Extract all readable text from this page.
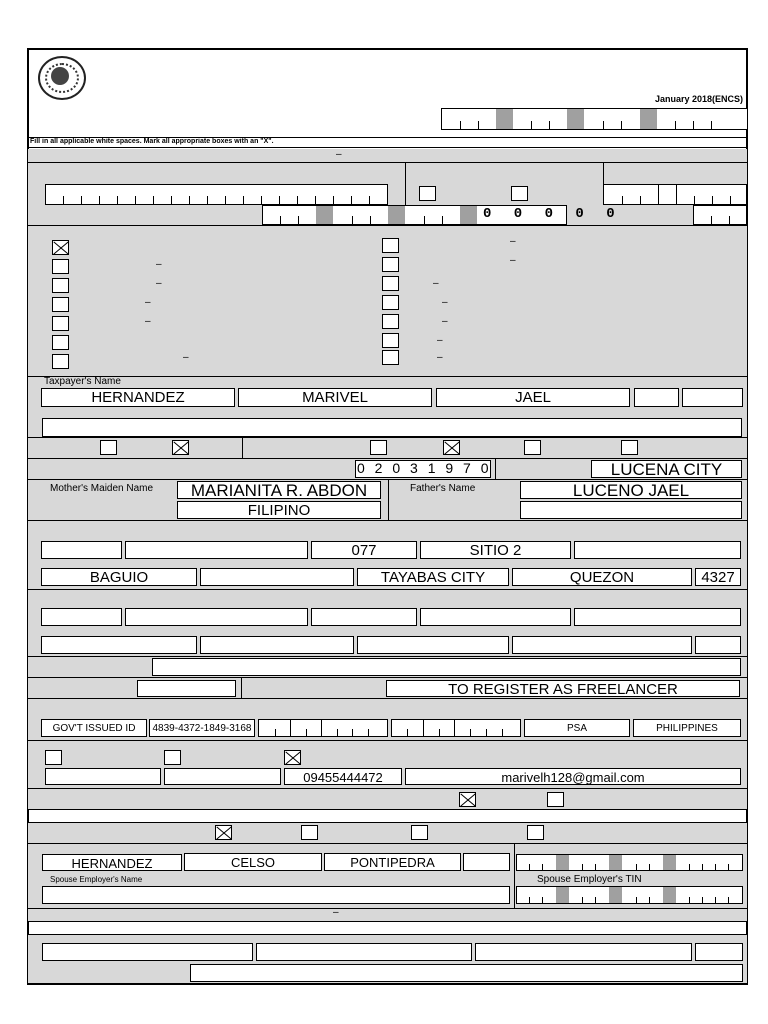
January 2018(ENCS)
Fill in all applicable white spaces. Mark all appropriate boxes with an "X".
–
0 0 0 0 0
–
–
–
–
–
–
–
–
–
–
–
–
Taxpayer's Name
HERNANDEZ	MARIVEL	JAEL
0 2 0 3 1 9 7 0	LUCENA CITY
Mother's Maiden Name	MARIANITA R. ABDON	Father's Name	LUCENO JAEL
FILIPINO
077	SITIO 2
BAGUIO	TAYABAS CITY	QUEZON	4327
TO REGISTER AS FREELANCER
GOV'T ISSUED ID	4839-4372-1849-3168	PSA	PHILIPPINES
09455444472	marivelh128@gmail.com
HERNANDEZ	CELSO	PONTIPEDRA
Spouse Employer's Name	Spouse Employer's TIN
–
